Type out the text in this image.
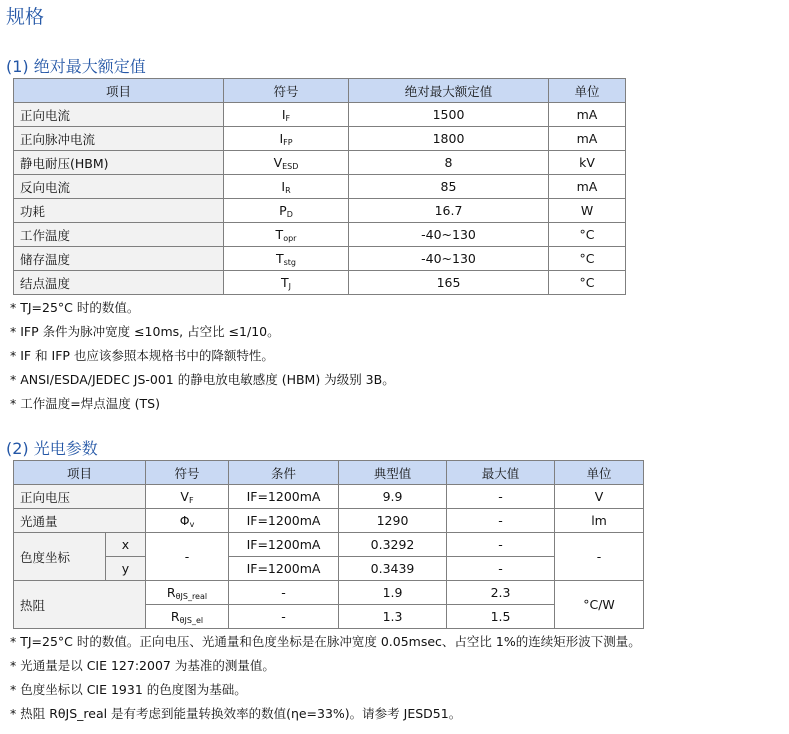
规格
(1) 绝对最大额定值
项目	符号	绝对最大额定值	单位
正向电流	$I_F$	1500	mA
正向脉冲电流	$I_{FP}$	1800	mA
静电耐压(HBM)	$V_{ESD}$	8	kV
反向电流	$I_R$	85	mA
功耗	$P_D$	16.7	W
工作温度	$T_{opr}$	-40~130	°C
储存温度	$T_{stg}$	-40~130	°C
结点温度	$T_J$	165	°C
* TJ=25°C 时的数值。
* IFP 条件为脉冲宽度 ≤10ms, 占空比 ≤1/10。
* IF 和 IFP 也应该参照本规格书中的降额特性。
* ANSI/ESDA/JEDEC JS-001 的静电放电敏感度 (HBM) 为级别 3B。
* 工作温度=焊点温度 (TS)
(2) 光电参数
项目		符号	条件	典型值	最大值	单位
正向电压		$V_F$	IF=1200mA	9.9	-	V
光通量		$\Phi_v$	IF=1200mA	1290	-	lm
色度坐标	x	-	IF=1200mA	0.3292	-	-
	y		IF=1200mA	0.3439	-	
热阻		$R_{\theta JS\_real}$	-	1.9	2.3	°C/W
		$R_{\theta JS\_el}$	-	1.3	1.5	
* TJ=25°C 时的数值。正向电压、光通量和色度坐标是在脉冲宽度 0.05msec、占空比 1%的连续矩形波下测量。
* 光通量是以 CIE 127:2007 为基准的测量值。
* 色度坐标以 CIE 1931 的色度图为基础。
* 热阻 RθJS_real 是有考虑到能量转换效率的数值(ηe=33%)。请参考 JESD51。
